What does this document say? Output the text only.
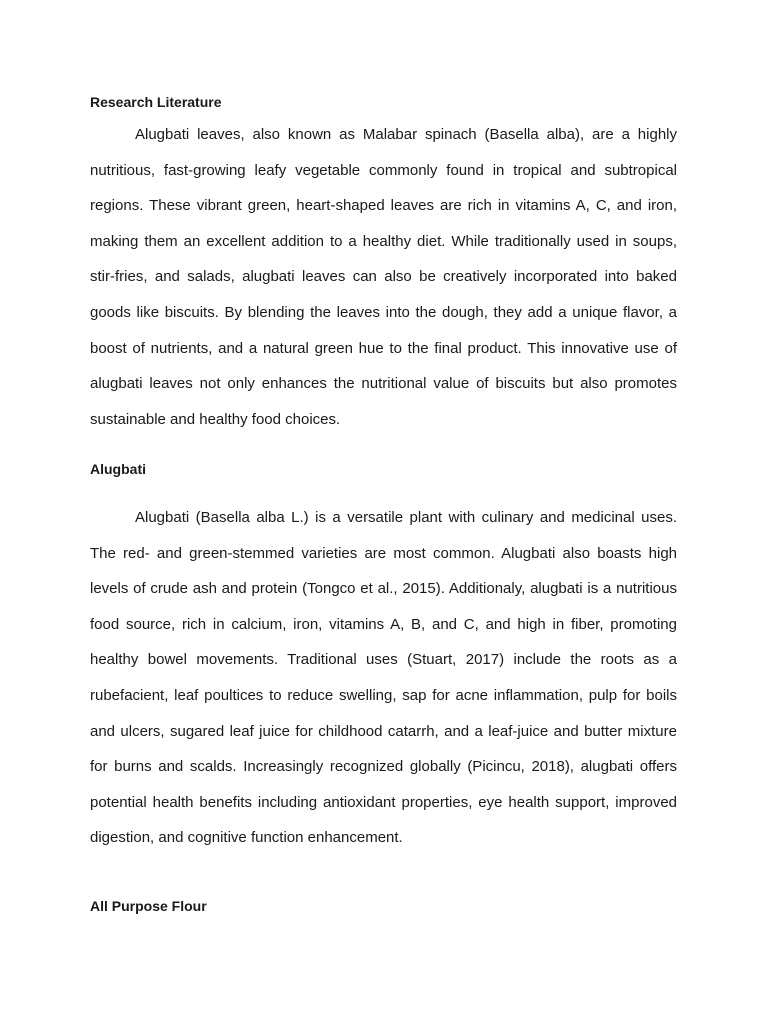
Research Literature

Alugbati leaves, also known as Malabar spinach (Basella alba), are a highly nutritious, fast-growing leafy vegetable commonly found in tropical and subtropical regions. These vibrant green, heart-shaped leaves are rich in vitamins A, C, and iron, making them an excellent addition to a healthy diet. While traditionally used in soups, stir-fries, and salads, alugbati leaves can also be creatively incorporated into baked goods like biscuits. By blending the leaves into the dough, they add a unique flavor, a boost of nutrients, and a natural green hue to the final product. This innovative use of alugbati leaves not only enhances the nutritional value of biscuits but also promotes sustainable and healthy food choices.

Alugbati

Alugbati (Basella alba L.) is a versatile plant with culinary and medicinal uses. The red- and green-stemmed varieties are most common. Alugbati also boasts high levels of crude ash and protein (Tongco et al., 2015). Additionaly, alugbati is a nutritious food source, rich in calcium, iron, vitamins A, B, and C, and high in fiber, promoting healthy bowel movements. Traditional uses (Stuart, 2017) include the roots as a rubefacient, leaf poultices to reduce swelling, sap for acne inflammation, pulp for boils and ulcers, sugared leaf juice for childhood catarrh, and a leaf-juice and butter mixture for burns and scalds. Increasingly recognized globally (Picincu, 2018), alugbati offers potential health benefits including antioxidant properties, eye health support, improved digestion, and cognitive function enhancement.

All Purpose Flour
